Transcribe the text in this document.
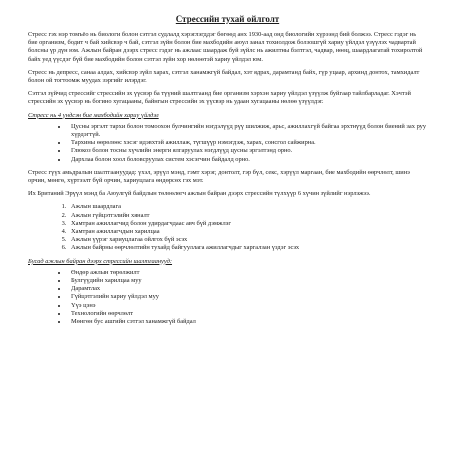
Стрессийн тухай ойлголт

Стресс гэх нэр томъёо нь биологи болон сэтгэл судлалд хэрэглэгддэг бөгөөд анх 1930-аад онд биологийн хүрээнд бий болжээ. Стресс гэдэг нь бие организм, бодит ч бай хийсвэр ч бай, сэтгэл зүйн болон бие махбодийн аюул занал тохиолдож болзошгүй хариу үйлдэл үзүүлэх чадвартай болсны үр дүн юм. Ажлын байран дээрх стресс гэдэг нь ажлаас шаардаж буй зүйлс нь ажилтны бэлтгэл, чадвар, нөөц, шаардлагатай тохиролтой байх уед үүсдэг бүй бие махбодийн болон сэтгэл зүйн хор нөлөөтэй хариу үйлдэл юм.

Стресс нь депресс, санаа алдах, хийсвэр зүйл харах, сэтгэл ханамжгүй байдал, хэт ядрах, дарамтанд байх, гүр уцаар, архинд донтох, тамхидалт болон ой тогтоомж муудах зэргийг илэрдэг.

Сэтгэл зүйчид стрессийг стрессийн эх үүсвэр ба түүний шалтгаанд бие организм хэрхэн хариу үйлдэл үзүүлж буйгаар тайлбарладаг. Хэчтэй стрессийн эх үүсвэр нь богино хугацааны, байнгын стрессийн эх үүсвэр нь удаан хугацааны нөлөө үзүүлдэг.

Стресс нь 4 үндсэн бие махбодийн хариу үйлдэл

• Цусны эргэлт тархи болон томоохон булчингийн нэгдэлүүд рүү шилжиж, арьс, ажиллахгүй байгаа эрхтнүүд болон биений зах руу хүрдэгтүй.
• Тархины өөрөлөөс хэсэг идэвхтэй ажиллаж, түгшүүр нэмэгдэж, харах, сонсгол сайжирна.
• Глюкоз болон тосны хүчлийн энерги ялгаруулах нэгдлүүд цусны эргэлтэнд орно.
• Дархлаа болон хоол боловсруулах систем хэсэгчин байдалд орно.

Стресс гүүх амьдралын шалтгаануудад: үхэл, эрүүл мэнд, гэмт хэрэг, донтолт, гэр бүл, секс, хэрүүл маргаан, бие махбодийн өөрчлөлт, шинэ орчин, мөнгө, хүртээлт бүй орчин, хариуцлага өндөрсөх гэх мэт.

Их Британий Эрүүл мэнд ба Аюулгүй байдлын төлөөлөгч ажлын байран дээрх стрессийн түлхүүр 6 хүчин зүйлийг нэрлэжээ.

1. Ажлын шаардлага
2. Ажлын гүйцэтгэлийн хяналт
3. Хамтран ажиллагчид болон удирдагчдаас авч бүй дэмжлэг
4. Хамтран ажиллагчдын харилцаа
5. Ажлын үүрэг хариуцлагаа ойлгох бүй эсэх
6. Ажлын байрны өөрчлөлтийн тухайд байгууллага ажиллагчдыг харгалзан үздэг эсэх

Бусад ажлын байран дээрх стрессийн шалтгаанууд:

• Өндөр ажлын төрөлжилт
• Булгүүдийн харилцаа муу
• Дарамтлах
• Гүйцэтгэлийн хариу үйлдэл муу
• Үүэ цэнэ
• Технологийн өөрчлөлт
• Мөнгөн бус ашгийн сэтгэл ханамжгүй байдал
